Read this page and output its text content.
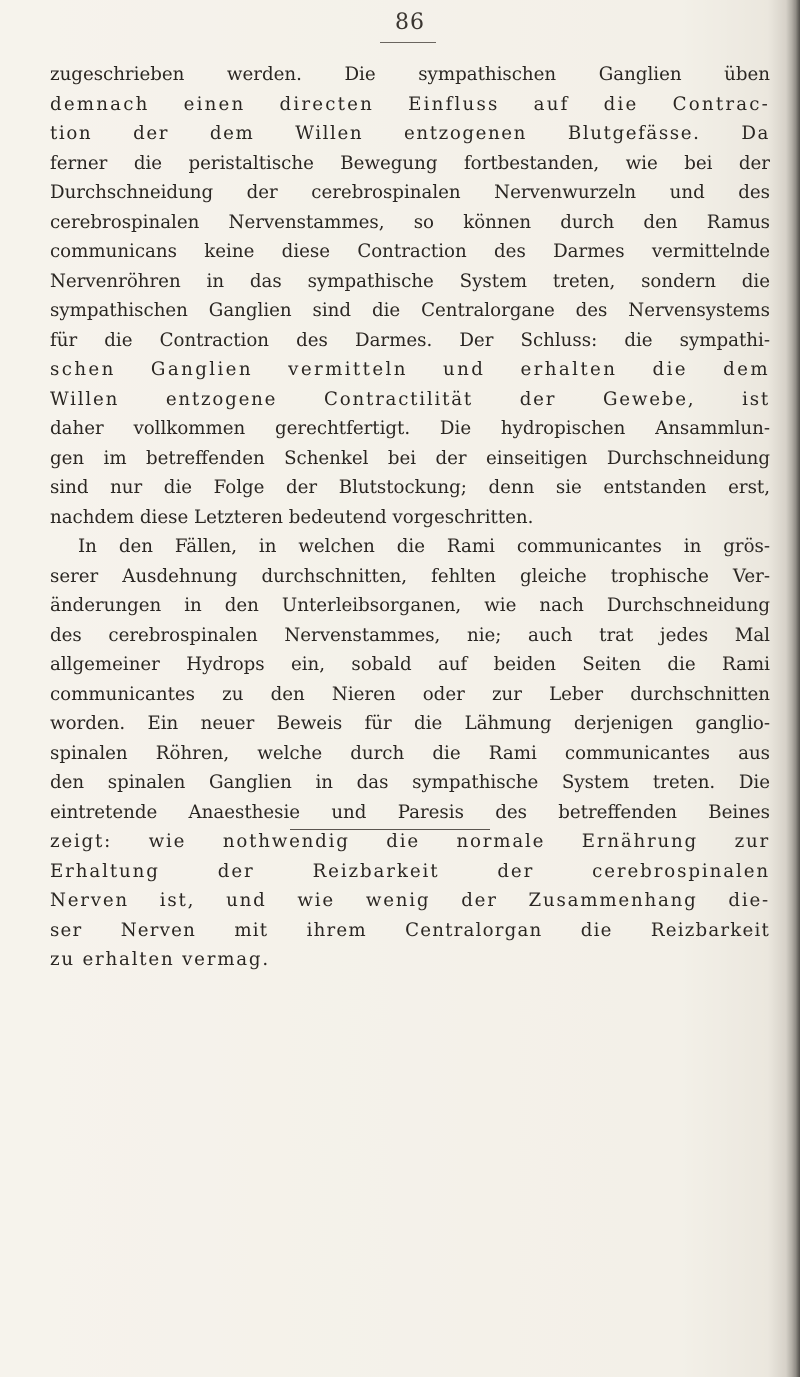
86
zugeschrieben werden. Die sympathischen Ganglien üben
demnach einen directen Einfluss auf die Contrac-
tion der dem Willen entzogenen Blutgefässe. Da
ferner die peristaltische Bewegung fortbestanden, wie bei der
Durchschneidung der cerebrospinalen Nervenwurzeln und des
cerebrospinalen Nervenstammes, so können durch den Ramus
communicans keine diese Contraction des Darmes vermittelnde
Nervenröhren in das sympathische System treten, sondern die
sympathischen Ganglien sind die Centralorgane des Nervensystems
für die Contraction des Darmes. Der Schluss: die sympathi-
schen Ganglien vermitteln und erhalten die dem
Willen entzogene Contractilität der Gewebe, ist
daher vollkommen gerechtfertigt. Die hydropischen Ansammlun-
gen im betreffenden Schenkel bei der einseitigen Durchschneidung
sind nur die Folge der Blutstockung; denn sie entstanden erst,
nachdem diese Letzteren bedeutend vorgeschritten.
In den Fällen, in welchen die Rami communicantes in grös-
serer Ausdehnung durchschnitten, fehlten gleiche trophische Ver-
änderungen in den Unterleibsorganen, wie nach Durchschneidung
des cerebrospinalen Nervenstammes, nie; auch trat jedes Mal
allgemeiner Hydrops ein, sobald auf beiden Seiten die Rami
communicantes zu den Nieren oder zur Leber durchschnitten
worden. Ein neuer Beweis für die Lähmung derjenigen ganglio-
spinalen Röhren, welche durch die Rami communicantes aus
den spinalen Ganglien in das sympathische System treten. Die
eintretende Anaesthesie und Paresis des betreffenden Beines
zeigt: wie nothwendig die normale Ernährung zur
Erhaltung der Reizbarkeit der cerebrospinalen
Nerven ist, und wie wenig der Zusammenhang die-
ser Nerven mit ihrem Centralorgan die Reizbarkeit
zu erhalten vermag.
